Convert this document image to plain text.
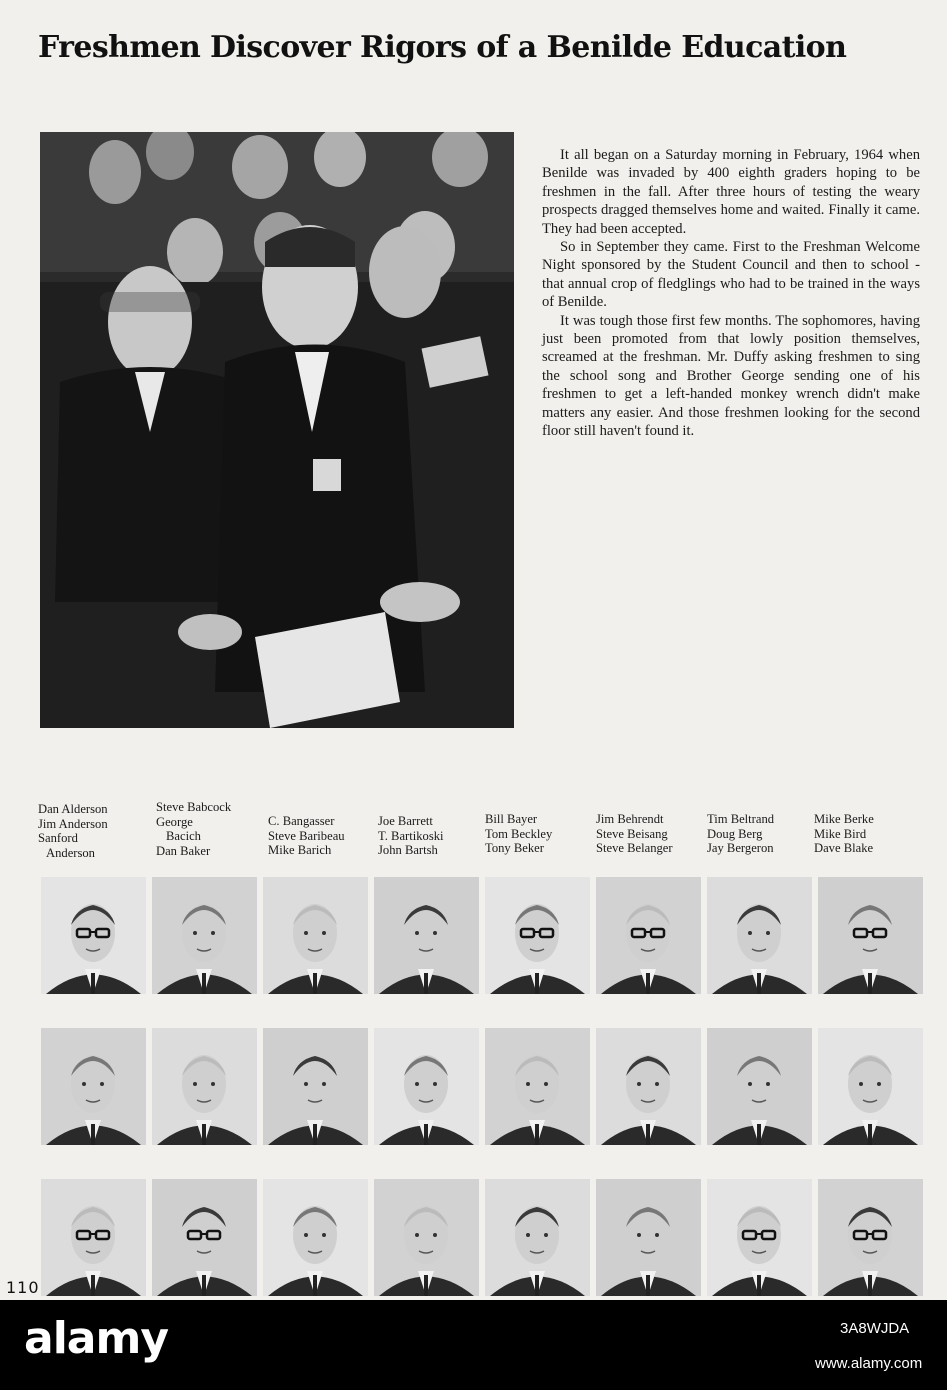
Freshmen Discover Rigors of a Benilde Education

It all began on a Saturday morning in February, 1964 when Benilde was invaded by 400 eighth graders hoping to be freshmen in the fall. After three hours of testing the weary prospects dragged themselves home and waited. Finally it came. They had been accepted.

So in September they came. First to the Freshman Welcome Night sponsored by the Student Council and then to school - that annual crop of fledglings who had to be trained in the ways of Benilde.

It was tough those first few months. The sophomores, having just been promoted from that lowly position themselves, screamed at the freshman. Mr. Duffy asking freshmen to sing the school song and Brother George sending one of his freshmen to get a left-handed monkey wrench didn't make matters any easier. And those freshmen looking for the second floor still haven't found it.

Dan Alderson
Jim Anderson
Sanford
Anderson
Steve Babcock
George
Bacich
Dan Baker
C. Bangasser
Steve Baribeau
Mike Barich
Joe Barrett
T. Bartikoski
John Bartsh
Bill Bayer
Tom Beckley
Tony Beker
Jim Behrendt
Steve Beisang
Steve Belanger
Tim Beltrand
Doug Berg
Jay Bergeron
Mike Berke
Mike Bird
Dave Blake
110
alamy	3A8WJDA
www.alamy.com
